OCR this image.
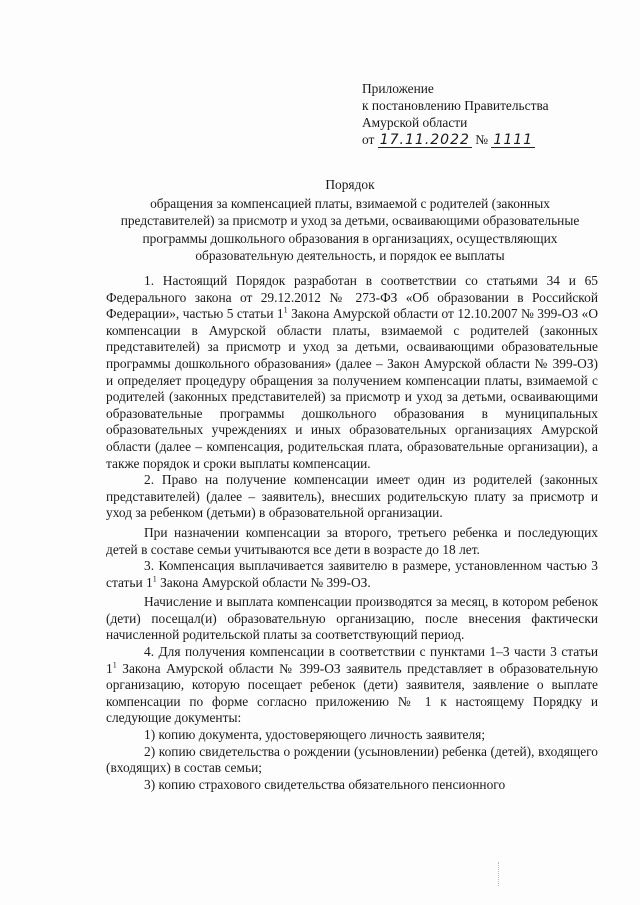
Приложение
к постановлению Правительства
Амурской области
от 17.11.2022 № 1111
Порядок
обращения за компенсацией платы, взимаемой с родителей (законных представителей) за присмотр и уход за детьми, осваивающими образовательные программы дошкольного образования в организациях, осуществляющих образовательную деятельность, и порядок ее выплаты

1. Настоящий Порядок разработан в соответствии со статьями 34 и 65 Федерального закона от 29.12.2012 № 273-ФЗ «Об образовании в Российской Федерации», частью 5 статьи $1^1$ Закона Амурской области от 12.10.2007 № 399-ОЗ «О компенсации в Амурской области платы, взимаемой с родителей (законных представителей) за присмотр и уход за детьми, осваивающими образовательные программы дошкольного образования» (далее – Закон Амурской области № 399-ОЗ) и определяет процедуру обращения за получением компенсации платы, взимаемой с родителей (законных представителей) за присмотр и уход за детьми, осваивающими образовательные программы дошкольного образования в муниципальных образовательных учреждениях и иных образовательных организациях Амурской области (далее – компенсация, родительская плата, образовательные организации), а также порядок и сроки выплаты компенсации.

2. Право на получение компенсации имеет один из родителей (законных представителей) (далее – заявитель), внесших родительскую плату за присмотр и уход за ребенком (детьми) в образовательной организации.

При назначении компенсации за второго, третьего ребенка и последующих детей в составе семьи учитываются все дети в возрасте до 18 лет.

3. Компенсация выплачивается заявителю в размере, установленном частью 3 статьи $1^1$ Закона Амурской области № 399-ОЗ.

Начисление и выплата компенсации производятся за месяц, в котором ребенок (дети) посещал(и) образовательную организацию, после внесения фактически начисленной родительской платы за соответствующий период.

4. Для получения компенсации в соответствии с пунктами 1–3 части 3 статьи $1^1$ Закона Амурской области № 399-ОЗ заявитель представляет в образовательную организацию, которую посещает ребенок (дети) заявителя, заявление о выплате компенсации по форме согласно приложению № 1 к настоящему Порядку и следующие документы:

1) копию документа, удостоверяющего личность заявителя;

2) копию свидетельства о рождении (усыновлении) ребенка (детей), входящего (входящих) в состав семьи;

3) копию страхового свидетельства обязательного пенсионного
